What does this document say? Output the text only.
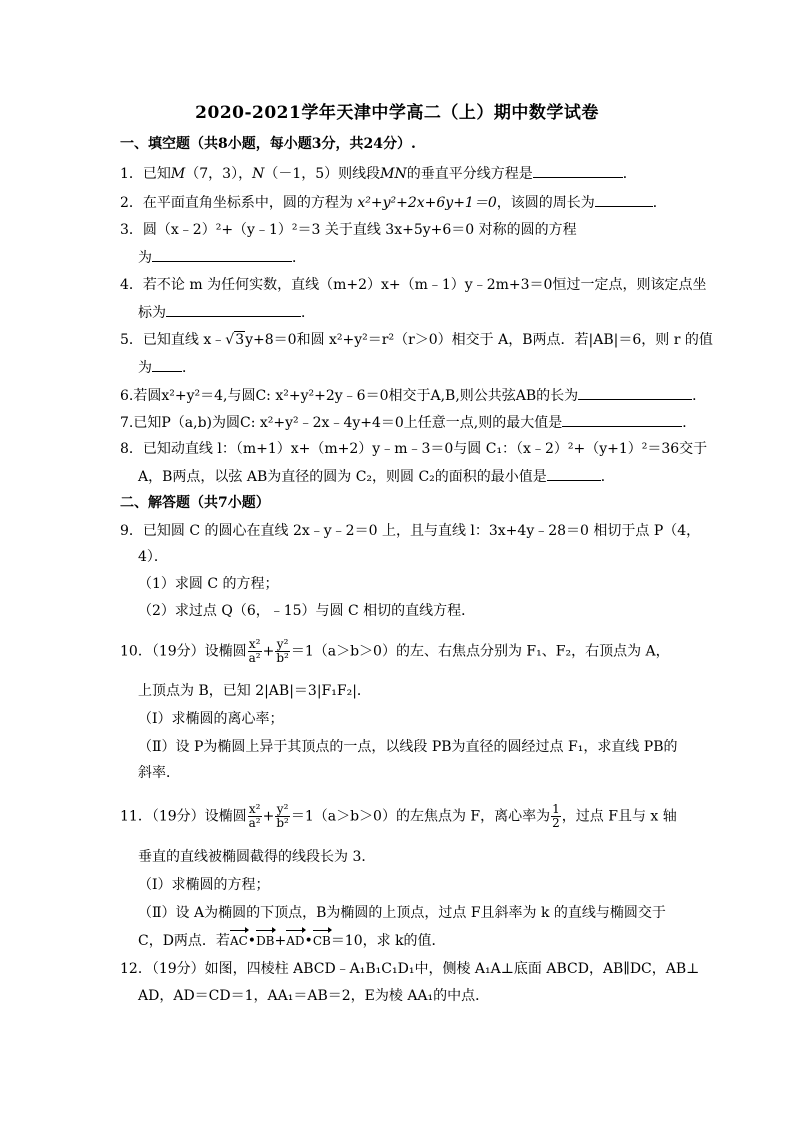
2020-2021学年天津中学高二（上）期中数学试卷
一、填空题（共8小题，每小题3分，共24分）.
1．已知M（7，3），N（－1，5）则线段MN的垂直平分线方程是	．
2．在平面直角坐标系中，圆的方程为 x²+y²+2x+6y+1＝0，该圆的周长为	．
3．圆（x﹣2）²+（y﹣1）²＝3 关于直线 3x+5y+6＝0 对称的圆的方程
为	．
4．若不论 m 为任何实数，直线（m+2）x+（m﹣1）y﹣2m+3＝0恒过一定点，则该定点坐
标为	．
5．已知直线 x﹣√3y+8＝0和圆 x²+y²＝r²（r＞0）相交于 A，B两点．若|AB|＝6，则 r 的值
为 ．
6.若圆x²+y²＝4,与圆C: x²+y²+2y﹣6＝0相交于A,B,则公共弦AB的长为	．
7.已知P（a,b)为圆C: x²+y²﹣2x﹣4y+4＝0上任意一点,则的最大值是	．
8．已知动直线 l：（m+1）x+（m+2）y﹣m﹣3＝0与圆 C₁：（x﹣2）²+（y+1）²＝36交于
A，B两点，以弦 AB为直径的圆为 C₂，则圆 C₂的面积的最小值是	．
二、解答题（共7小题）
9．已知圆 C 的圆心在直线 2x﹣y﹣2＝0 上，且与直线 l：3x+4y﹣28＝0 相切于点 P（4，
4）．
（1）求圆 C 的方程；
（2）求过点 Q（6，﹣15）与圆 C 相切的直线方程．
10．（19分）设椭圆 $\frac{\text{x²}}{\text{a²}} + \frac{\text{y²}}{\text{b²}} =1(a>b>0)$的左、右焦点分别为 F₁、F₂，右顶点为 A，
上顶点为 B，已知 2|AB|＝3|F₁F₂|．
（Ⅰ）求椭圆的离心率；
（Ⅱ）设 P为椭圆上异于其顶点的一点，以线段 PB为直径的圆经过点 F₁，求直线 PB的
斜率．
11．（19分）设椭圆 $\frac{\text{x²}}{\text{a²}} + \frac{\text{y²}}{\text{b²}} =1(a>b>0)$的左焦点为 F，离心率为 $\frac{1}{2}$ ，过点 F且与 x 轴
垂直的直线被椭圆截得的线段长为 3．
（Ⅰ）求椭圆的方程；
（Ⅱ）设 A为椭圆的下顶点，B为椭圆的上顶点，过点 F且斜率为 k 的直线与椭圆交于
C，D两点．若AC•DB+AD•CB＝10，求 k的值．
12．（19分）如图，四棱柱 ABCD﹣A₁B₁C₁D₁中，侧棱 A₁A⊥底面 ABCD，AB∥DC，AB⊥
AD，AD＝CD＝1，AA₁＝AB＝2，E为棱 AA₁的中点．
